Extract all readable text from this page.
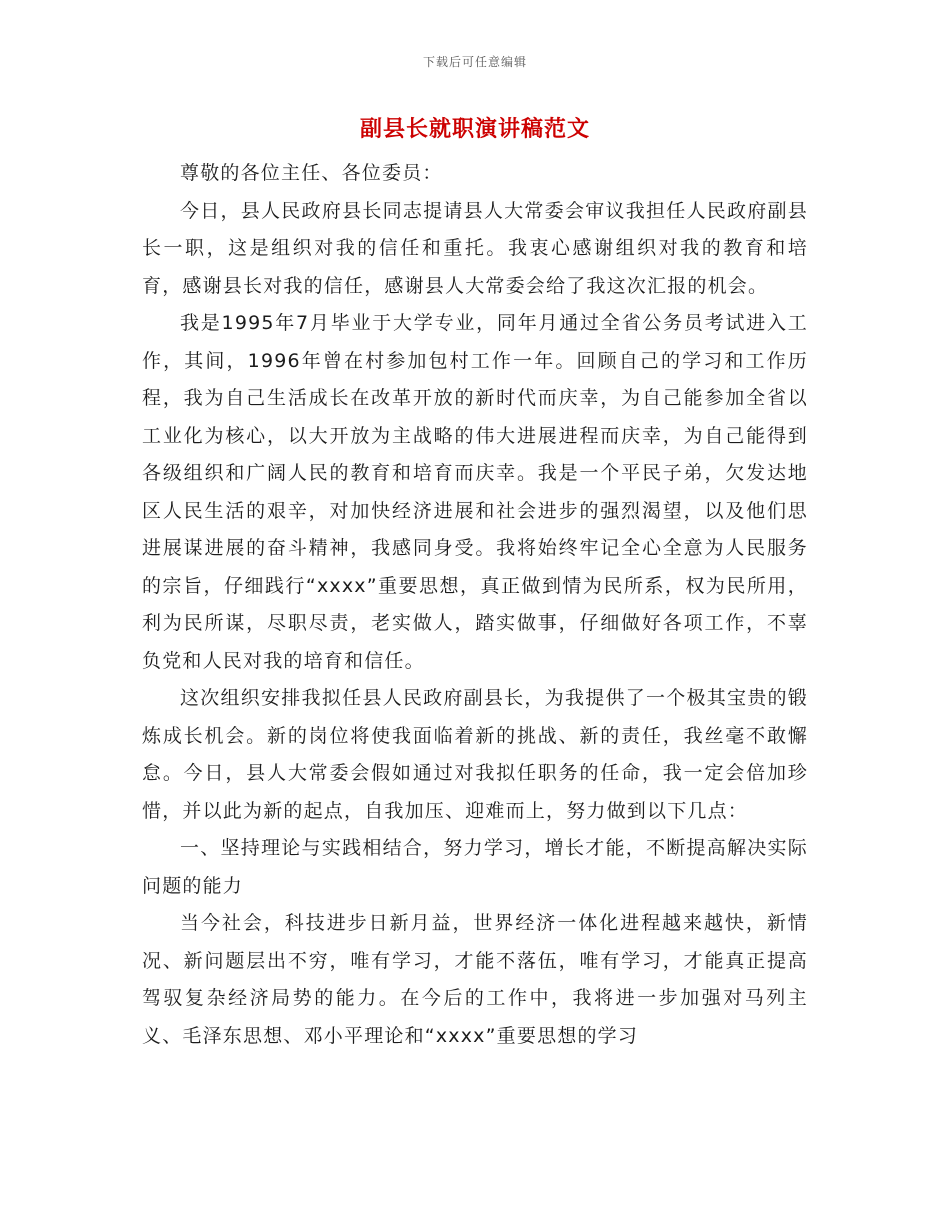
下载后可任意编辑
副县长就职演讲稿范文

尊敬的各位主任、各位委员：

今日，县人民政府县长同志提请县人大常委会审议我担任人民政府副县长一职，这是组织对我的信任和重托。我衷心感谢组织对我的教育和培育，感谢县长对我的信任，感谢县人大常委会给了我这次汇报的机会。

我是1995年7月毕业于大学专业，同年月通过全省公务员考试进入工作，其间，1996年曾在村参加包村工作一年。回顾自己的学习和工作历程，我为自己生活成长在改革开放的新时代而庆幸，为自己能参加全省以工业化为核心，以大开放为主战略的伟大进展进程而庆幸，为自己能得到各级组织和广阔人民的教育和培育而庆幸。我是一个平民子弟，欠发达地区人民生活的艰辛，对加快经济进展和社会进步的强烈渴望，以及他们思进展谋进展的奋斗精神，我感同身受。我将始终牢记全心全意为人民服务的宗旨，仔细践行“xxxx”重要思想，真正做到情为民所系，权为民所用，利为民所谋，尽职尽责，老实做人，踏实做事，仔细做好各项工作，不辜负党和人民对我的培育和信任。

这次组织安排我拟任县人民政府副县长，为我提供了一个极其宝贵的锻炼成长机会。新的岗位将使我面临着新的挑战、新的责任，我丝毫不敢懈怠。今日，县人大常委会假如通过对我拟任职务的任命，我一定会倍加珍惜，并以此为新的起点，自我加压、迎难而上，努力做到以下几点：

一、坚持理论与实践相结合，努力学习，增长才能，不断提高解决实际问题的能力

当今社会，科技进步日新月益，世界经济一体化进程越来越快，新情况、新问题层出不穷，唯有学习，才能不落伍，唯有学习，才能真正提高驾驭复杂经济局势的能力。在今后的工作中，我将进一步加强对马列主义、毛泽东思想、邓小平理论和“xxxx”重要思想的学习
